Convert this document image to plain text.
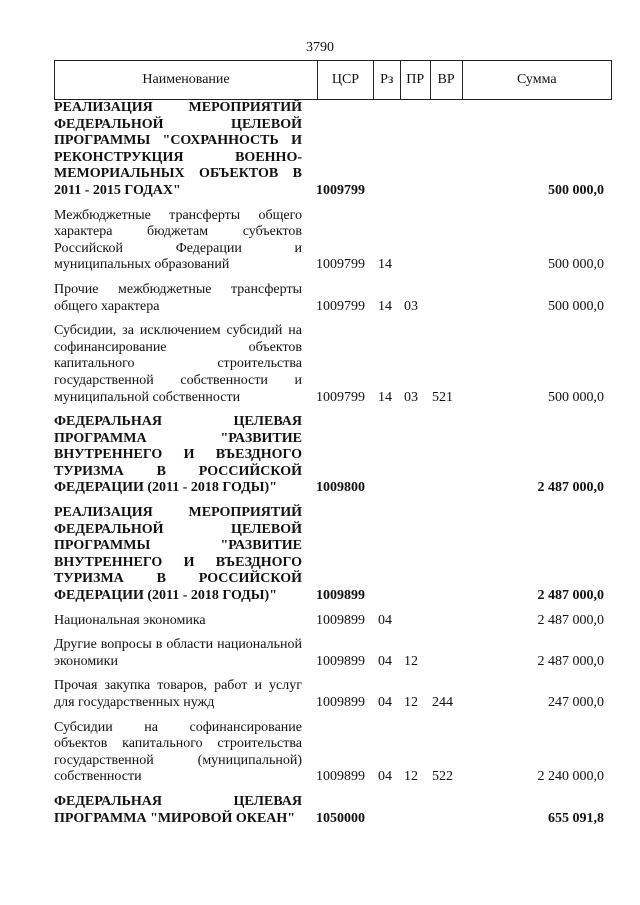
3790
Наименование	ЦСР	Рз ПР ВР	Сумма
РЕАЛИЗАЦИЯ МЕРОПРИЯТИЙ ФЕДЕРАЛЬНОЙ ЦЕЛЕВОЙ ПРОГРАММЫ "СОХРАННОСТЬ И РЕКОНСТРУКЦИЯ ВОЕННО-МЕМОРИАЛЬНЫХ ОБЪЕКТОВ В 2011 - 2015 ГОДАХ"	1009799	500 000,0
Межбюджетные трансферты общего характера бюджетам субъектов Российской Федерации и муниципальных образований	1009799 14	500 000,0
Прочие межбюджетные трансферты общего характера	1009799 14 03	500 000,0
Субсидии, за исключением субсидий на софинансирование объектов капитального строительства государственной собственности и муниципальной собственности	1009799 14 03	521	500 000,0
ФЕДЕРАЛЬНАЯ ЦЕЛЕВАЯ ПРОГРАММА "РАЗВИТИЕ ВНУТРЕННЕГО И ВЪЕЗДНОГО ТУРИЗМА В РОССИЙСКОЙ ФЕДЕРАЦИИ (2011 - 2018 ГОДЫ)"	1009800	2 487 000,0
РЕАЛИЗАЦИЯ МЕРОПРИЯТИЙ ФЕДЕРАЛЬНОЙ ЦЕЛЕВОЙ ПРОГРАММЫ "РАЗВИТИЕ ВНУТРЕННЕГО И ВЪЕЗДНОГО ТУРИЗМА В РОССИЙСКОЙ ФЕДЕРАЦИИ (2011 - 2018 ГОДЫ)"	1009899	2 487 000,0
Национальная экономика	1009899 04	2 487 000,0
Другие вопросы в области национальной экономики	1009899 04 12	2 487 000,0
Прочая закупка товаров, работ и услуг для государственных нужд	1009899 04 12	244	247 000,0
Субсидии на софинансирование объектов капитального строительства государственной (муниципальной) собственности	1009899 04 12	522	2 240 000,0
ФЕДЕРАЛЬНАЯ ЦЕЛЕВАЯ ПРОГРАММА "МИРОВОЙ ОКЕАН"	1050000	655 091,8
